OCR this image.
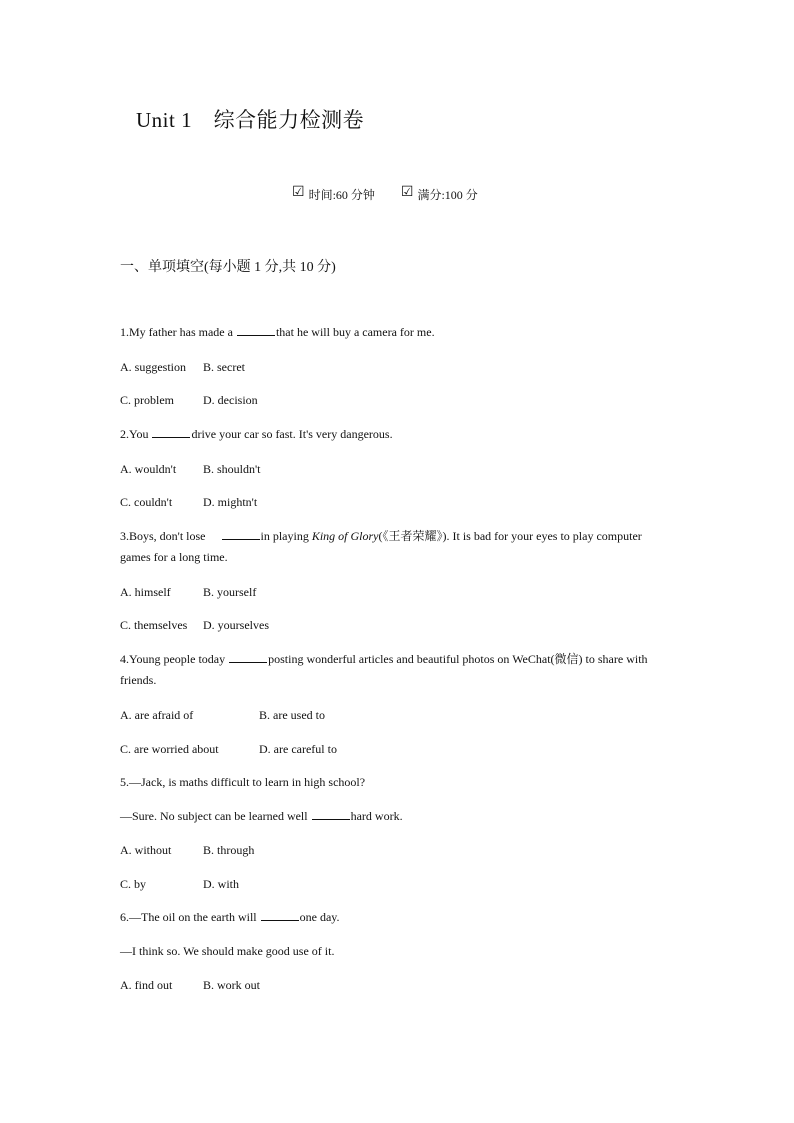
Unit 1　综合能力检测卷
☑ 时间:60 分钟 ☑ 满分:100 分
一、单项填空(每小题 1 分,共 10 分)
1.My father has made a	that he will buy a camera for me.
A. suggestion B. secret
C. problem D. decision
2.You	drive your car so fast. It's very dangerous.
A. wouldn't B. shouldn't
C. couldn't	D. mightn't
3.Boys, don't lose	in playing King of Glory(《王者荣耀》). It is bad for your eyes to play computer games for a long time.
A. himself	B. yourself
C. themselves D. yourselves
4.Young people today	posting wonderful articles and beautiful photos on WeChat(微信) to share with friends.
A. are afraid of	B. are used to
C. are worried about	D. are careful to
5.—Jack, is maths difficult to learn in high school?
—Sure. No subject can be learned well	hard work.
A. without	B. through
C. by	D. with
6.—The oil on the earth will	one day.
—I think so. We should make good use of it.
A. find out	B. work out
